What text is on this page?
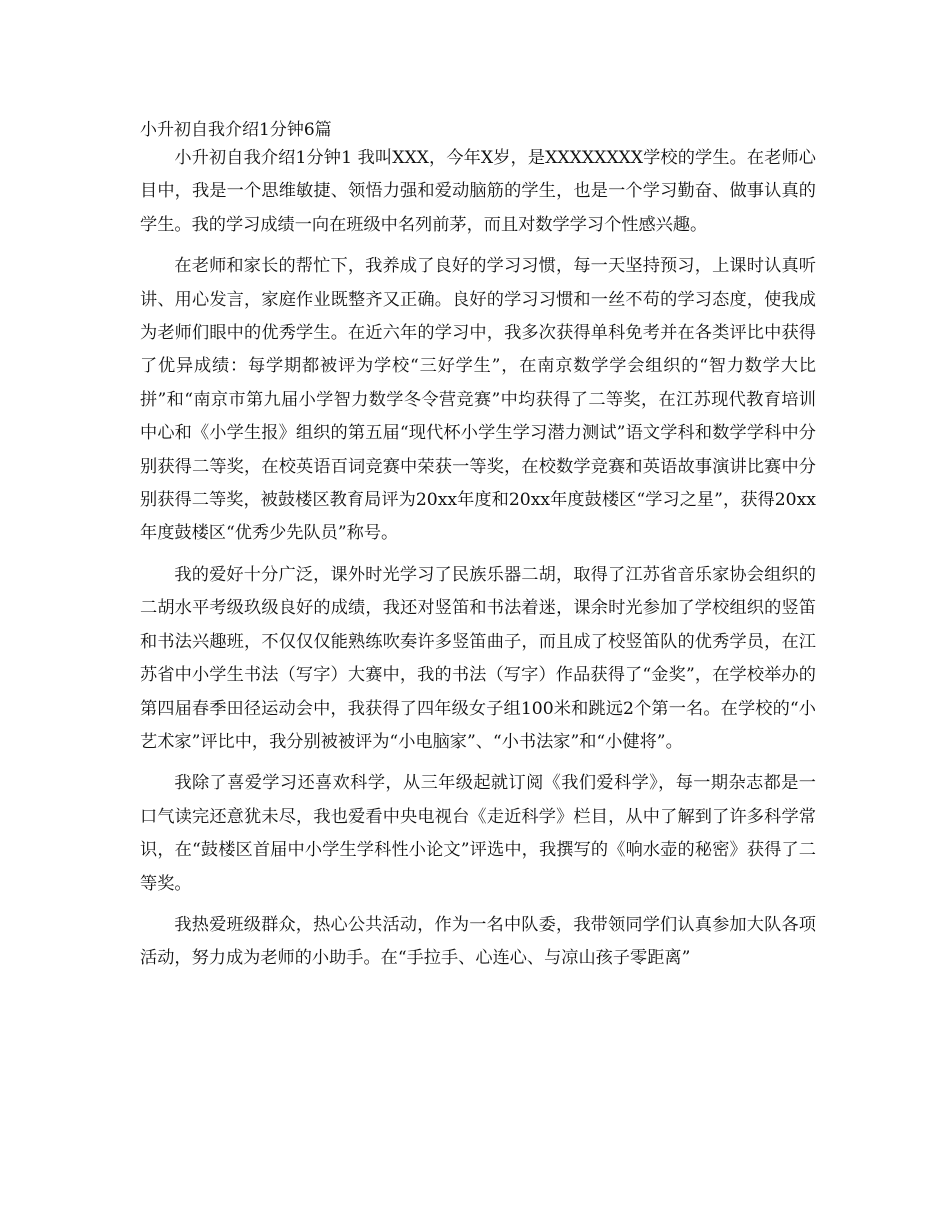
小升初自我介绍1分钟6篇

小升初自我介绍1分钟1 我叫XXX，今年X岁，是XXXXXXXX学校的学生。在老师心目中，我是一个思维敏捷、领悟力强和爱动脑筋的学生，也是一个学习勤奋、做事认真的学生。我的学习成绩一向在班级中名列前茅，而且对数学学习个性感兴趣。

在老师和家长的帮忙下，我养成了良好的学习习惯，每一天坚持预习，上课时认真听讲、用心发言，家庭作业既整齐又正确。良好的学习习惯和一丝不苟的学习态度，使我成为老师们眼中的优秀学生。在近六年的学习中，我多次获得单科免考并在各类评比中获得了优异成绩：每学期都被评为学校“三好学生”，在南京数学学会组织的“智力数学大比拼”和“南京市第九届小学智力数学冬令营竞赛”中均获得了二等奖，在江苏现代教育培训中心和《小学生报》组织的第五届“现代杯小学生学习潜力测试”语文学科和数学学科中分别获得二等奖，在校英语百词竞赛中荣获一等奖，在校数学竞赛和英语故事演讲比赛中分别获得二等奖，被鼓楼区教育局评为20xx年度和20xx年度鼓楼区“学习之星”，获得20xx年度鼓楼区“优秀少先队员”称号。

我的爱好十分广泛，课外时光学习了民族乐器二胡，取得了江苏省音乐家协会组织的二胡水平考级玖级良好的成绩，我还对竖笛和书法着迷，课余时光参加了学校组织的竖笛和书法兴趣班，不仅仅仅能熟练吹奏许多竖笛曲子，而且成了校竖笛队的优秀学员，在江苏省中小学生书法（写字）大赛中，我的书法（写字）作品获得了“金奖”，在学校举办的第四届春季田径运动会中，我获得了四年级女子组100米和跳远2个第一名。在学校的“小艺术家”评比中，我分别被被评为“小电脑家”、“小书法家”和“小健将”。

我除了喜爱学习还喜欢科学，从三年级起就订阅《我们爱科学》，每一期杂志都是一口气读完还意犹未尽，我也爱看中央电视台《走近科学》栏目，从中了解到了许多科学常识，在“鼓楼区首届中小学生学科性小论文”评选中，我撰写的《响水壶的秘密》获得了二等奖。

我热爱班级群众，热心公共活动，作为一名中队委，我带领同学们认真参加大队各项活动，努力成为老师的小助手。在“手拉手、心连心、与凉山孩子零距离”
